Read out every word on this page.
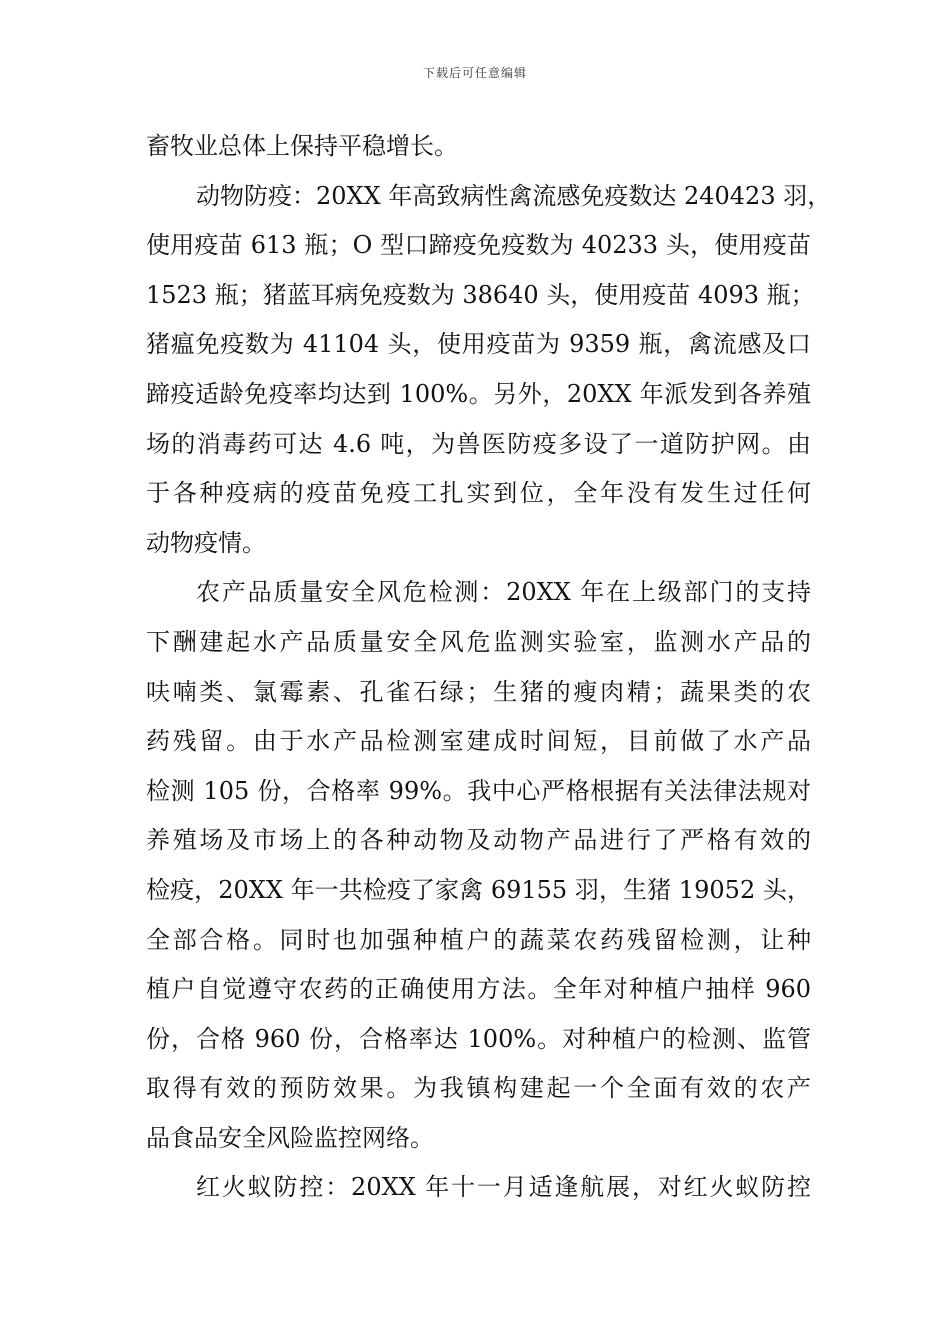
下载后可任意编辑

畜牧业总体上保持平稳增长。

动物防疫：20XX 年高致病性禽流感免疫数达 240423 羽，
使用疫苗 613 瓶；O 型口蹄疫免疫数为 40233 头，使用疫苗
1523 瓶；猪蓝耳病免疫数为 38640 头，使用疫苗 4093 瓶；
猪瘟免疫数为 41104 头，使用疫苗为 9359 瓶，禽流感及口
蹄疫适龄免疫率均达到 100%。另外，20XX 年派发到各养殖
场的消毒药可达 4.6 吨，为兽医防疫多设了一道防护网。由
于各种疫病的疫苗免疫工扎实到位，全年没有发生过任何
动物疫情。

农产品质量安全风危检测：20XX 年在上级部门的支持
下酬建起水产品质量安全风危监测实验室，监测水产品的
呋喃类、氯霉素、孔雀石绿；生猪的瘦肉精；蔬果类的农
药残留。由于水产品检测室建成时间短，目前做了水产品
检测 105 份，合格率 99%。我中心严格根据有关法律法规对
养殖场及市场上的各种动物及动物产品进行了严格有效的
检疫，20XX 年一共检疫了家禽 69155 羽，生猪 19052 头，
全部合格。同时也加强种植户的蔬菜农药残留检测，让种
植户自觉遵守农药的正确使用方法。全年对种植户抽样 960
份，合格 960 份，合格率达 100%。对种植户的检测、监管
取得有效的预防效果。为我镇构建起一个全面有效的农产
品食品安全风险监控网络。

红火蚁防控：20XX 年十一月适逢航展，对红火蚁防控
